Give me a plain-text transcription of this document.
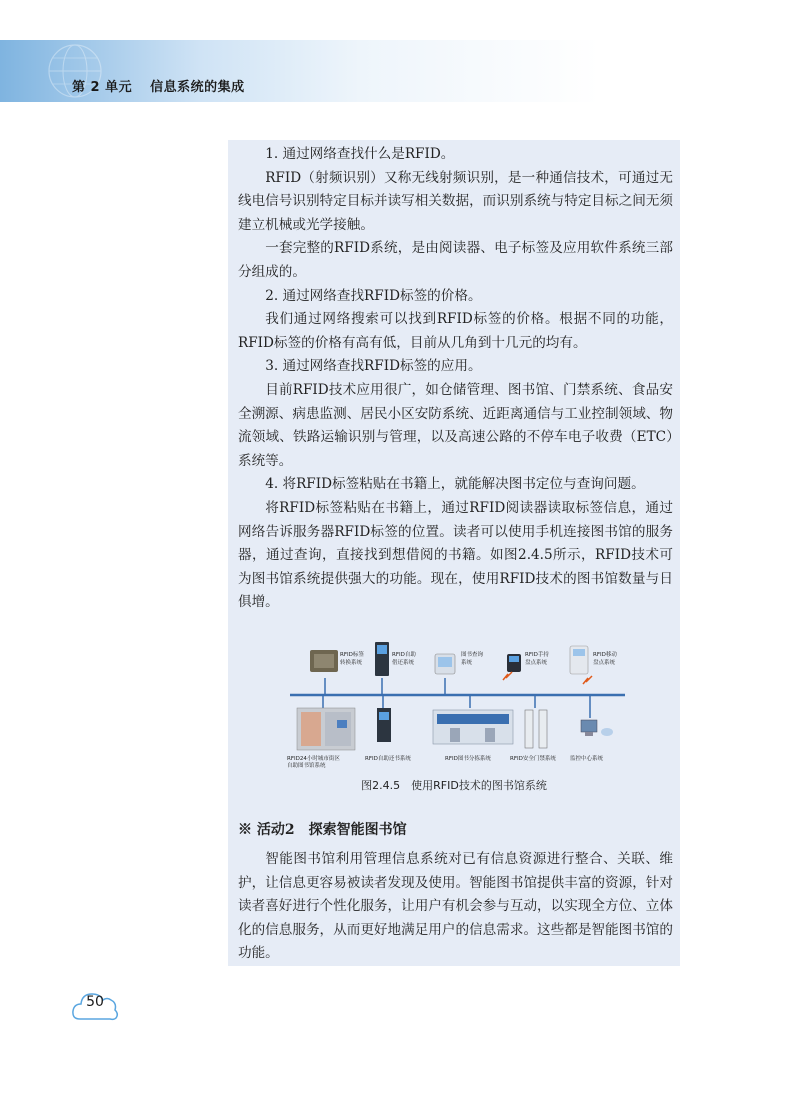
第 2 单元 信息系统的集成

1. 通过网络查找什么是RFID。

RFID（射频识别）又称无线射频识别，是一种通信技术，可通过无线电信号识别特定目标并读写相关数据，而识别系统与特定目标之间无须建立机械或光学接触。

一套完整的RFID系统，是由阅读器、电子标签及应用软件系统三部分组成的。

2. 通过网络查找RFID标签的价格。

我们通过网络搜索可以找到RFID标签的价格。根据不同的功能，RFID标签的价格有高有低，目前从几角到十几元的均有。

3. 通过网络查找RFID标签的应用。

目前RFID技术应用很广，如仓储管理、图书馆、门禁系统、食品安全溯源、病患监测、居民小区安防系统、近距离通信与工业控制领域、物流领域、铁路运输识别与管理，以及高速公路的不停车电子收费（ETC）系统等。

4. 将RFID标签粘贴在书籍上，就能解决图书定位与查询问题。

将RFID标签粘贴在书籍上，通过RFID阅读器读取标签信息，通过网络告诉服务器RFID标签的位置。读者可以使用手机连接图书馆的服务器，通过查询，直接找到想借阅的书籍。如图2.4.5所示，RFID技术可为图书馆系统提供强大的功能。现在，使用RFID技术的图书馆数量与日俱增。

RFID标签
转换系统
RFID自助
借还系统
图书查询
系统
RFID手持
盘点系统
RFID移动
盘点系统
RFID24小时城市街区
自助图书馆系统
RFID自助还书系统	RFID图书分拣系统	RFID安全门禁系统	监控中心系统
图2.4.5　使用RFID技术的图书馆系统
※ 活动2　探索智能图书馆

智能图书馆利用管理信息系统对已有信息资源进行整合、关联、维护，让信息更容易被读者发现及使用。智能图书馆提供丰富的资源，针对读者喜好进行个性化服务，让用户有机会参与互动，以实现全方位、立体化的信息服务，从而更好地满足用户的信息需求。这些都是智能图书馆的功能。

50
